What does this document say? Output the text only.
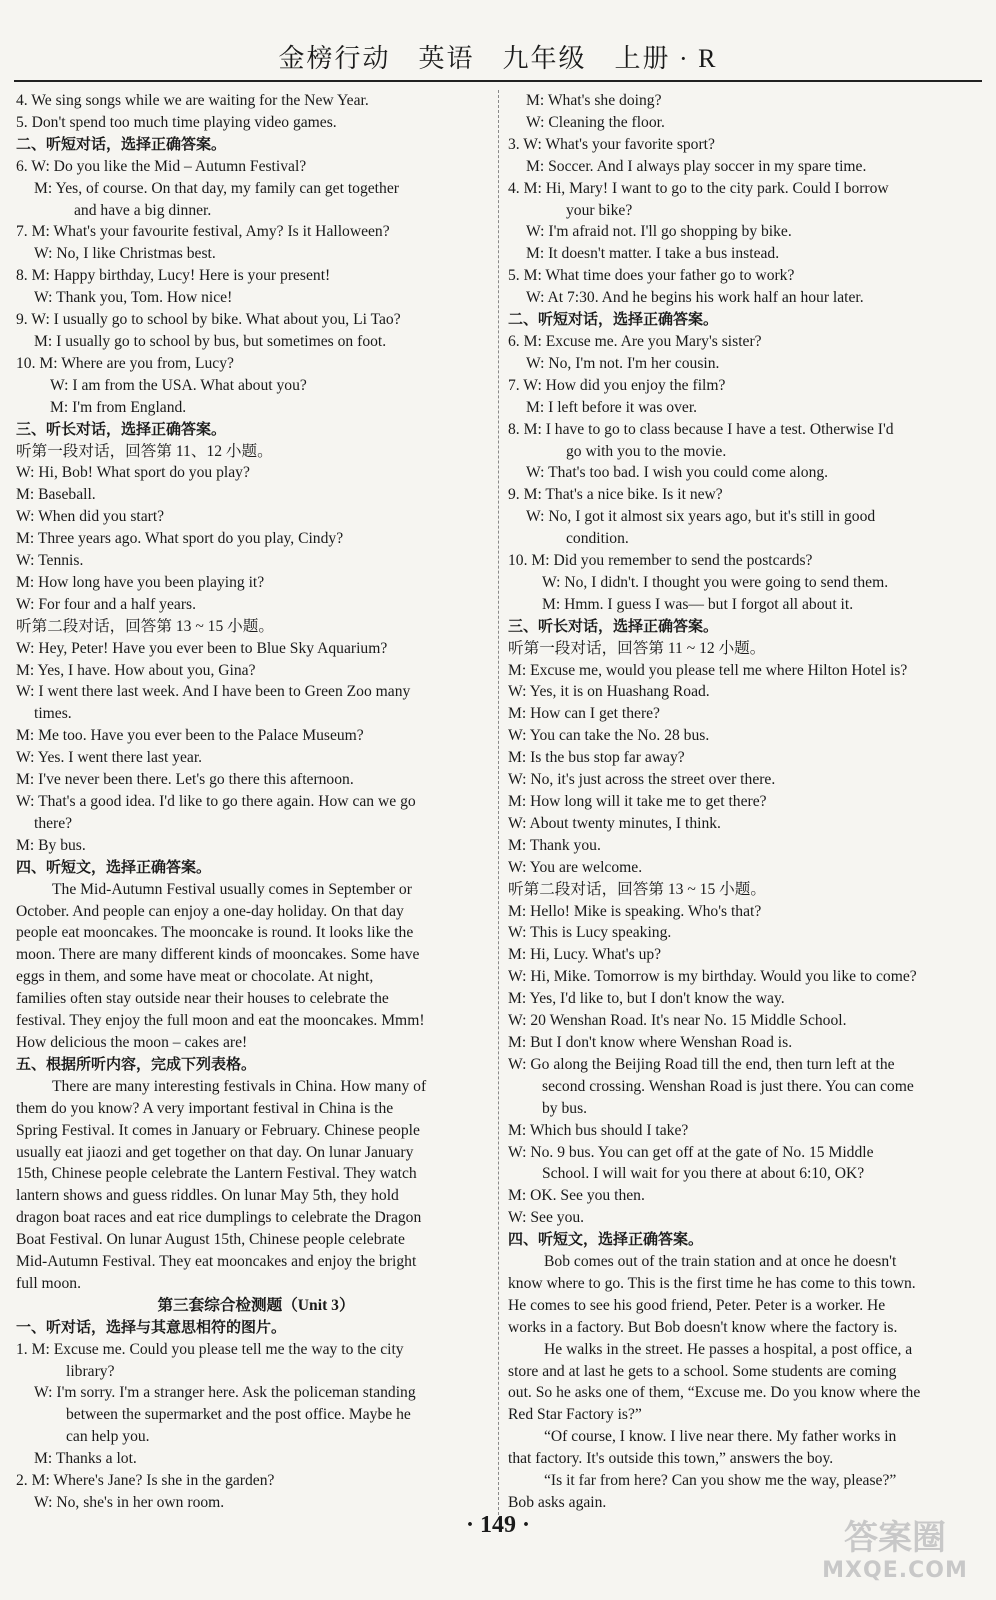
金榜行动　英语　九年级　上册 · R
4. We sing songs while we are waiting for the New Year.
5. Don't spend too much time playing video games.
二、听短对话，选择正确答案。
6. W: Do you like the Mid – Autumn Festival?
M: Yes, of course. On that day, my family can get together
and have a big dinner.
7. M: What's your favourite festival, Amy? Is it Halloween?
W: No, I like Christmas best.
8. M: Happy birthday, Lucy! Here is your present!
W: Thank you, Tom. How nice!
9. W: I usually go to school by bike. What about you, Li Tao?
M: I usually go to school by bus, but sometimes on foot.
10. M: Where are you from, Lucy?
W: I am from the USA. What about you?
M: I'm from England.
三、听长对话，选择正确答案。
听第一段对话，回答第 11、12 小题。
W: Hi, Bob! What sport do you play?
M: Baseball.
W: When did you start?
M: Three years ago. What sport do you play, Cindy?
W: Tennis.
M: How long have you been playing it?
W: For four and a half years.
听第二段对话，回答第 13 ~ 15 小题。
W: Hey, Peter! Have you ever been to Blue Sky Aquarium?
M: Yes, I have. How about you, Gina?
W: I went there last week. And I have been to Green Zoo many
times.
M: Me too. Have you ever been to the Palace Museum?
W: Yes. I went there last year.
M: I've never been there. Let's go there this afternoon.
W: That's a good idea. I'd like to go there again. How can we go
there?
M: By bus.
四、听短文，选择正确答案。
The Mid-Autumn Festival usually comes in September or
October. And people can enjoy a one-day holiday. On that day
people eat mooncakes. The mooncake is round. It looks like the
moon. There are many different kinds of mooncakes. Some have
eggs in them, and some have meat or chocolate. At night,
families often stay outside near their houses to celebrate the
festival. They enjoy the full moon and eat the mooncakes. Mmm!
How delicious the moon – cakes are!
五、根据所听内容，完成下列表格。
There are many interesting festivals in China. How many of
them do you know? A very important festival in China is the
Spring Festival. It comes in January or February. Chinese people
usually eat jiaozi and get together on that day. On lunar January
15th, Chinese people celebrate the Lantern Festival. They watch
lantern shows and guess riddles. On lunar May 5th, they hold
dragon boat races and eat rice dumplings to celebrate the Dragon
Boat Festival. On lunar August 15th, Chinese people celebrate
Mid-Autumn Festival. They eat mooncakes and enjoy the bright
full moon.
第三套综合检测题（Unit 3）
一、听对话，选择与其意思相符的图片。
1. M: Excuse me. Could you please tell me the way to the city
library?
W: I'm sorry. I'm a stranger here. Ask the policeman standing
between the supermarket and the post office. Maybe he
can help you.
M: Thanks a lot.
2. M: Where's Jane? Is she in the garden?
W: No, she's in her own room.
M: What's she doing?
W: Cleaning the floor.
3. W: What's your favorite sport?
M: Soccer. And I always play soccer in my spare time.
4. M: Hi, Mary! I want to go to the city park. Could I borrow
your bike?
W: I'm afraid not. I'll go shopping by bike.
M: It doesn't matter. I take a bus instead.
5. M: What time does your father go to work?
W: At 7:30. And he begins his work half an hour later.
二、听短对话，选择正确答案。
6. M: Excuse me. Are you Mary's sister?
W: No, I'm not. I'm her cousin.
7. W: How did you enjoy the film?
M: I left before it was over.
8. M: I have to go to class because I have a test. Otherwise I'd
go with you to the movie.
W: That's too bad. I wish you could come along.
9. M: That's a nice bike. Is it new?
W: No, I got it almost six years ago, but it's still in good
condition.
10. M: Did you remember to send the postcards?
W: No, I didn't. I thought you were going to send them.
M: Hmm. I guess I was— but I forgot all about it.
三、听长对话，选择正确答案。
听第一段对话，回答第 11 ~ 12 小题。
M: Excuse me, would you please tell me where Hilton Hotel is?
W: Yes, it is on Huashang Road.
M: How can I get there?
W: You can take the No. 28 bus.
M: Is the bus stop far away?
W: No, it's just across the street over there.
M: How long will it take me to get there?
W: About twenty minutes, I think.
M: Thank you.
W: You are welcome.
听第二段对话，回答第 13 ~ 15 小题。
M: Hello! Mike is speaking. Who's that?
W: This is Lucy speaking.
M: Hi, Lucy. What's up?
W: Hi, Mike. Tomorrow is my birthday. Would you like to come?
M: Yes, I'd like to, but I don't know the way.
W: 20 Wenshan Road. It's near No. 15 Middle School.
M: But I don't know where Wenshan Road is.
W: Go along the Beijing Road till the end, then turn left at the
second crossing. Wenshan Road is just there. You can come
by bus.
M: Which bus should I take?
W: No. 9 bus. You can get off at the gate of No. 15 Middle
School. I will wait for you there at about 6:10, OK?
M: OK. See you then.
W: See you.
四、听短文，选择正确答案。
Bob comes out of the train station and at once he doesn't
know where to go. This is the first time he has come to this town.
He comes to see his good friend, Peter. Peter is a worker. He
works in a factory. But Bob doesn't know where the factory is.
He walks in the street. He passes a hospital, a post office, a
store and at last he gets to a school. Some students are coming
out. So he asks one of them, “Excuse me. Do you know where the
Red Star Factory is?”
“Of course, I know. I live near there. My father works in
that factory. It's outside this town,” answers the boy.
“Is it far from here? Can you show me the way, please?”
Bob asks again.
· 149 ·	答案圈
MXQE.COM
